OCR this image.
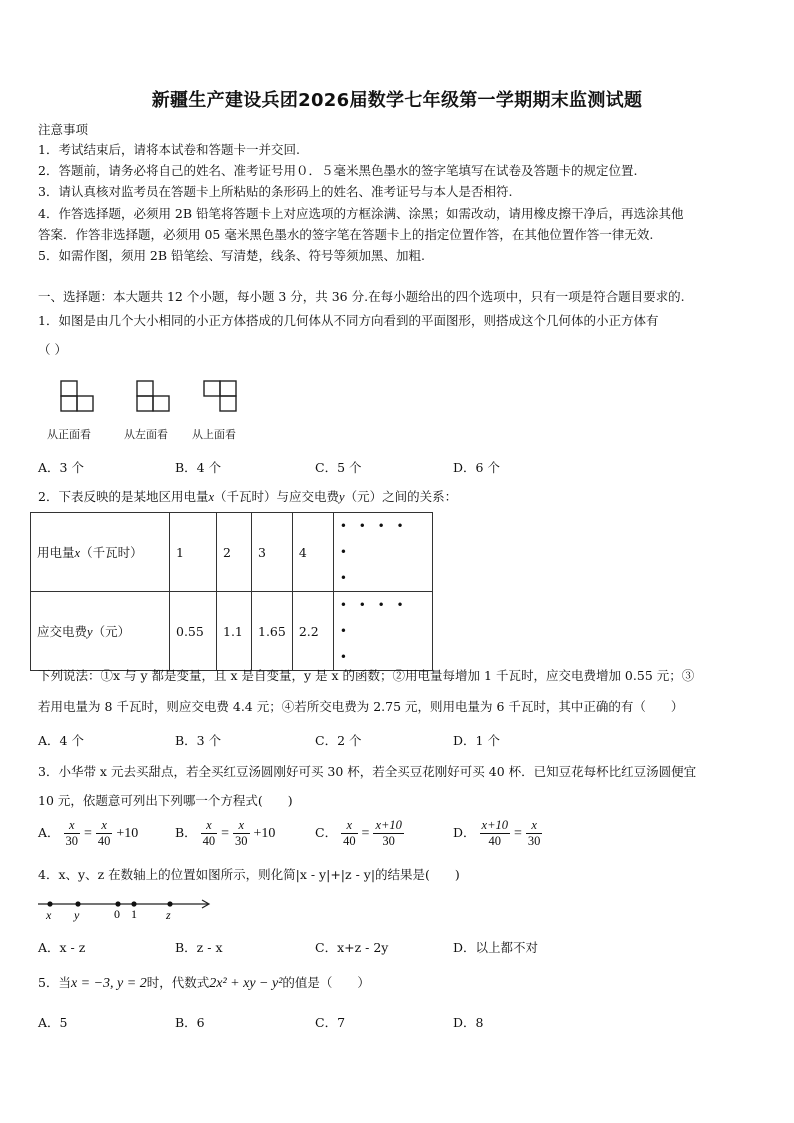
新疆生产建设兵团2026届数学七年级第一学期期末监测试题
注意事项
1．考试结束后，请将本试卷和答题卡一并交回.
2．答题前，请务必将自己的姓名、准考证号用０．５毫米黑色墨水的签字笔填写在试卷及答题卡的规定位置.
3．请认真核对监考员在答题卡上所粘贴的条形码上的姓名、准考证号与本人是否相符.
4．作答选择题，必须用 2B 铅笔将答题卡上对应选项的方框涂满、涂黑；如需改动，请用橡皮擦干净后，再选涂其他
答案．作答非选择题，必须用 05 毫米黑色墨水的签字笔在答题卡上的指定位置作答，在其他位置作答一律无效.
5．如需作图，须用 2B 铅笔绘、写清楚，线条、符号等须加黑、加粗.
一、选择题：本大题共 12 个小题，每小题 3 分，共 36 分.在每小题给出的四个选项中，只有一项是符合题目要求的.
1．如图是由几个大小相同的小正方体搭成的几何体从不同方向看到的平面图形，则搭成这个几何体的小正方体有
（ ）
从正面看	从左面看 从上面看
A．3 个	B．4 个	C．5 个	D．6 个
2．下表反映的是某地区用电量x（千瓦时）与应交电费y（元）之间的关系：
用电量x（千瓦时）	1	2	3	4	• • • • •
•

应交电费y（元）	0.55	1.1	1.65	2.2	• • • • •
•
下列说法：①x 与 y 都是变量，且 x 是自变量，y 是 x 的函数；②用电量每增加 1 千瓦时，应交电费增加 0.55 元；③
若用电量为 8 千瓦时，则应交电费 4.4 元；④若所交电费为 2.75 元，则用电量为 6 千瓦时，其中正确的有（　　）
A．4 个	B．3 个	C．2 个	D．1 个
3．小华带 x 元去买甜点，若全买红豆汤圆刚好可买 30 杯，若全买豆花刚好可买 40 杯．已知豆花每杯比红豆汤圆便宜
10 元，依题意可列出下列哪一个方程式(　　)
A． $\frac{x}{30} = \frac{x}{40} +10$	B． $\frac{x}{40} = \frac{x}{30} +10$	C． $\frac{x}{40} = \frac{x+10}{30}$	D． $\frac{x+10}{40} = \frac{x}{30}$
4．x、y、z 在数轴上的位置如图所示，则化简|x - y|+|z - y|的结果是(　　)
x y	0 1 z
A．x - z	B．z - x	C．x+z - 2y	D．以上都不对
5．当x = −3, y = 2时，代数式2x² + xy − y²的值是（　　）
A．5	B．6	C．7	D．8
